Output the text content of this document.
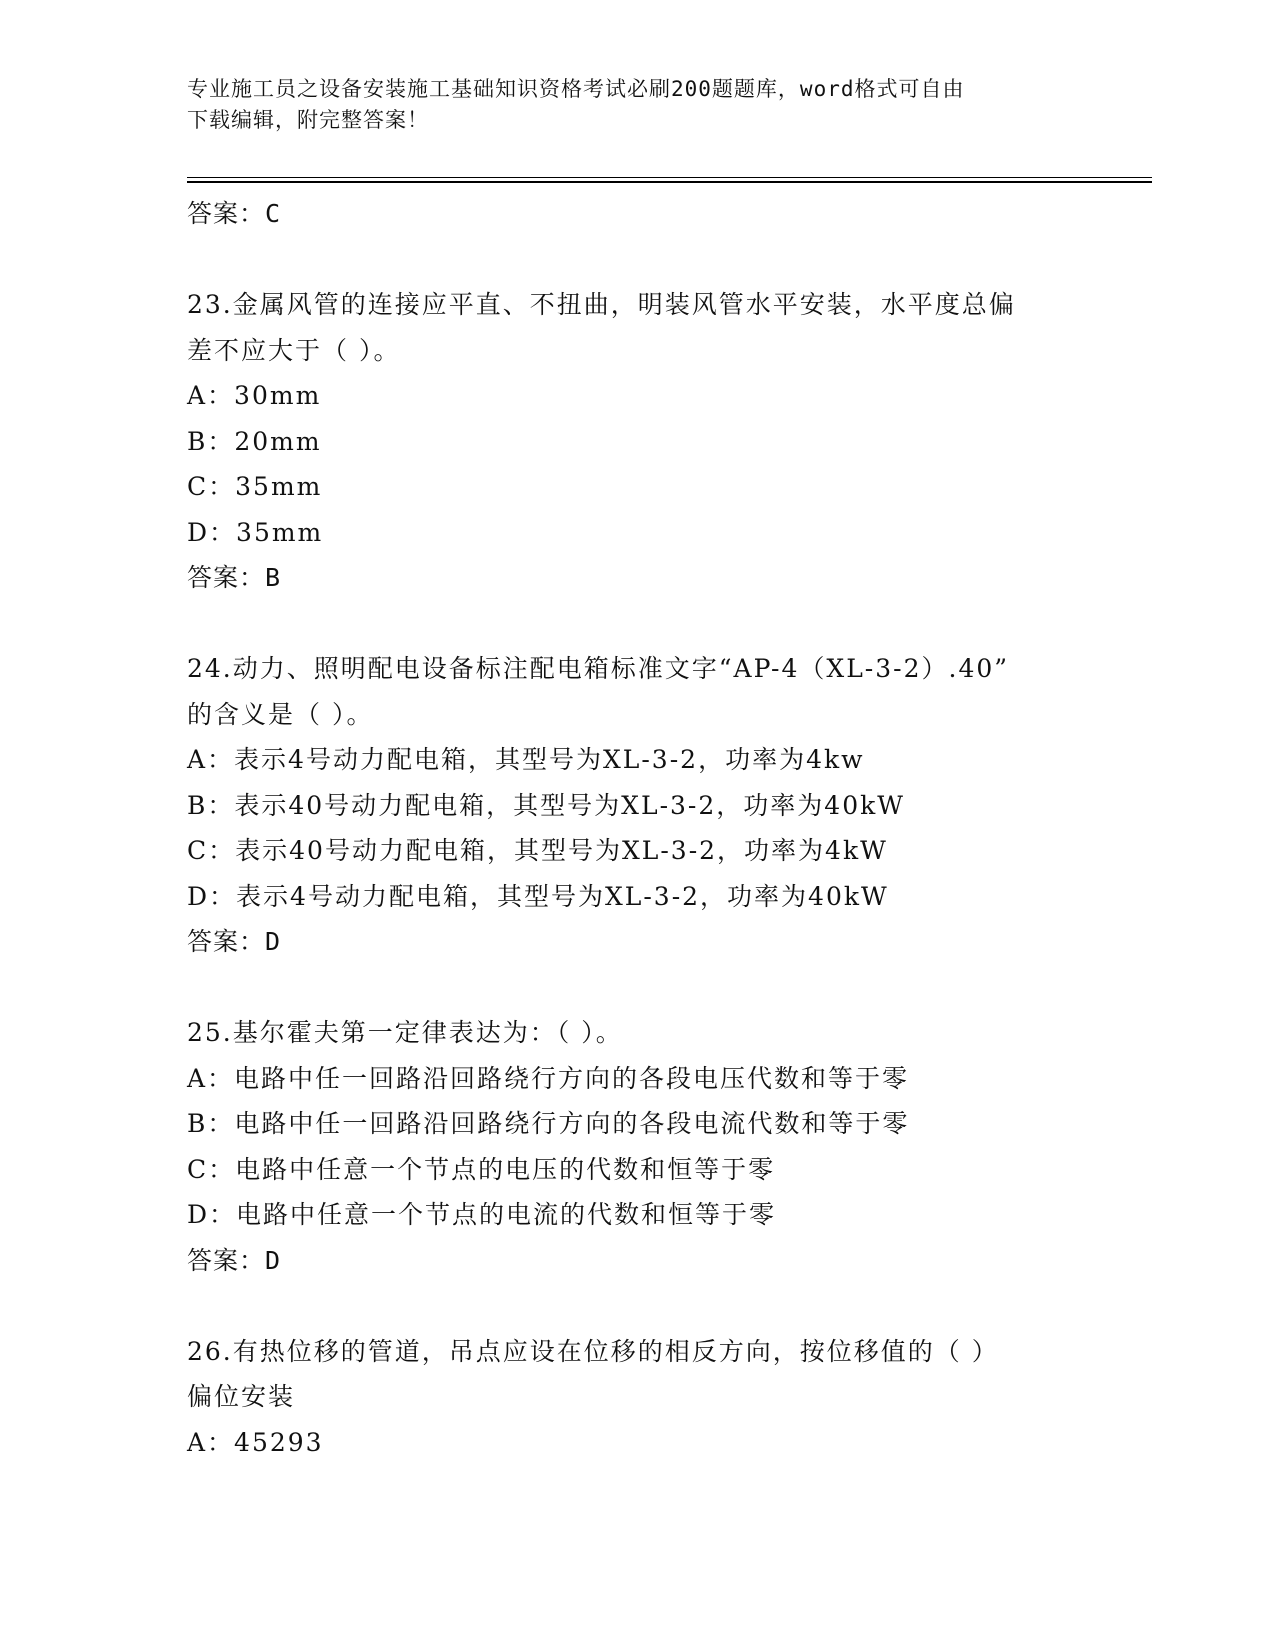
专业施工员之设备安装施工基础知识资格考试必刷200题题库，word格式可自由
下载编辑，附完整答案！
答案：C
23.金属风管的连接应平直、不扭曲，明装风管水平安装，水平度总偏
差不应大于（ ）。
A：30mm
B：20mm
C：35mm
D：35mm
答案：B
24.动力、照明配电设备标注配电箱标准文字“AP-4（XL-3-2）.40”
的含义是（ ）。
A：表示4号动力配电箱，其型号为XL-3-2，功率为4kw
B：表示40号动力配电箱，其型号为XL-3-2，功率为40kW
C：表示40号动力配电箱，其型号为XL-3-2，功率为4kW
D：表示4号动力配电箱，其型号为XL-3-2，功率为40kW
答案：D
25.基尔霍夫第一定律表达为：（ ）。
A：电路中任一回路沿回路绕行方向的各段电压代数和等于零
B：电路中任一回路沿回路绕行方向的各段电流代数和等于零
C：电路中任意一个节点的电压的代数和恒等于零
D：电路中任意一个节点的电流的代数和恒等于零
答案：D
26.有热位移的管道，吊点应设在位移的相反方向，按位移值的（ ）
偏位安装
A：45293
